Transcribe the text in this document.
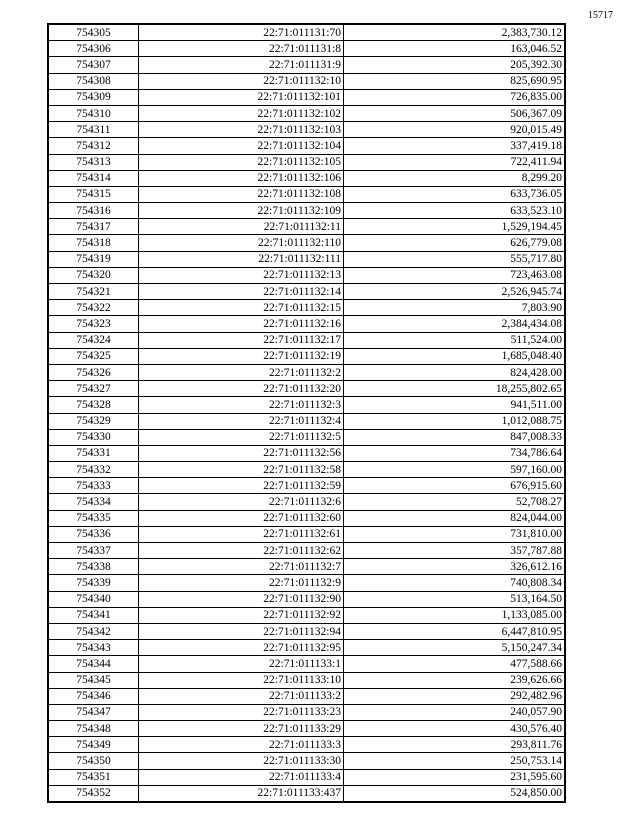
15717
754305	22:71:011131:70	2,383,730.12
754306	22:71:011131:8	163,046.52
754307	22:71:011131:9	205,392.30
754308	22:71:011132:10	825,690.95
754309	22:71:011132:101	726,835.00
754310	22:71:011132:102	506,367.09
754311	22:71:011132:103	920,015.49
754312	22:71:011132:104	337,419.18
754313	22:71:011132:105	722,411.94
754314	22:71:011132:106	8,299.20
754315	22:71:011132:108	633,736.05
754316	22:71:011132:109	633,523.10
754317	22:71:011132:11	1,529,194.45
754318	22:71:011132:110	626,779.08
754319	22:71:011132:111	555,717.80
754320	22:71:011132:13	723,463.08
754321	22:71:011132:14	2,526,945.74
754322	22:71:011132:15	7,803.90
754323	22:71:011132:16	2,384,434.08
754324	22:71:011132:17	511,524.00
754325	22:71:011132:19	1,685,048.40
754326	22:71:011132:2	824,428.00
754327	22:71:011132:20	18,255,802.65
754328	22:71:011132:3	941,511.00
754329	22:71:011132:4	1,012,088.75
754330	22:71:011132:5	847,008.33
754331	22:71:011132:56	734,786.64
754332	22:71:011132:58	597,160.00
754333	22:71:011132:59	676,915.60
754334	22:71:011132:6	52,708.27
754335	22:71:011132:60	824,044.00
754336	22:71:011132:61	731,810.00
754337	22:71:011132:62	357,787.88
754338	22:71:011132:7	326,612.16
754339	22:71:011132:9	740,808.34
754340	22:71:011132:90	513,164.50
754341	22:71:011132:92	1,133,085.00
754342	22:71:011132:94	6,447,810.95
754343	22:71:011132:95	5,150,247.34
754344	22:71:011133:1	477,588.66
754345	22:71:011133:10	239,626.66
754346	22:71:011133:2	292,482.96
754347	22:71:011133:23	240,057.90
754348	22:71:011133:29	430,576.40
754349	22:71:011133:3	293,811.76
754350	22:71:011133:30	250,753.14
754351	22:71:011133:4	231,595.60
754352	22:71:011133:437	524,850.00
